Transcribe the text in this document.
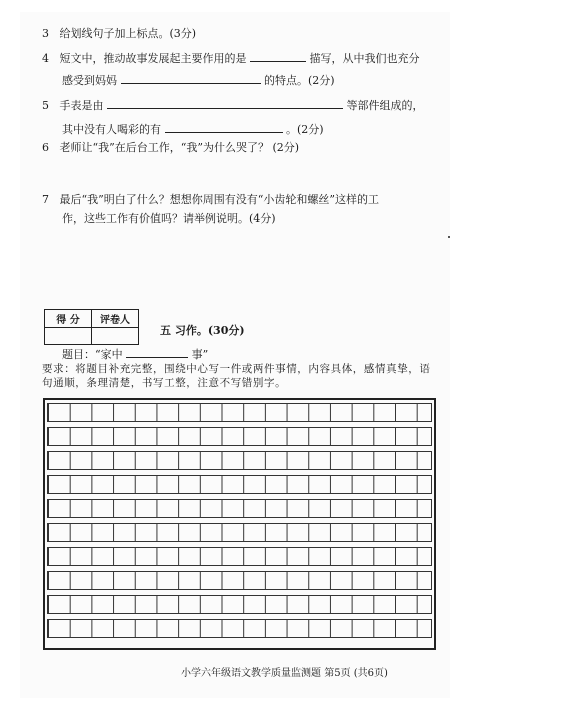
3 给划线句子加上标点。(3分)
4 短文中，推动故事发展起主要作用的是	描写，从中我们也充分
感受到妈妈	的特点。(2分)
5 手表是由	等部件组成的，
其中没有人喝彩的有	。(2分)
6 老师让“我”在后台工作，“我”为什么哭了？ (2分)
7 最后“我”明白了什么？想想你周围有没有“小齿轮和螺丝”这样的工
作，这些工作有价值吗？请举例说明。(4分)
得 分	评卷人

五 习作。(30分)
题目：“家中	事”
要求：将题目补充完整，围绕中心写一件或两件事情，内容具体，感情真挚，语句通顺，条理清楚，书写工整，注意不写错别字。
小学六年级语文教学质量监测题 第5页 (共6页)
